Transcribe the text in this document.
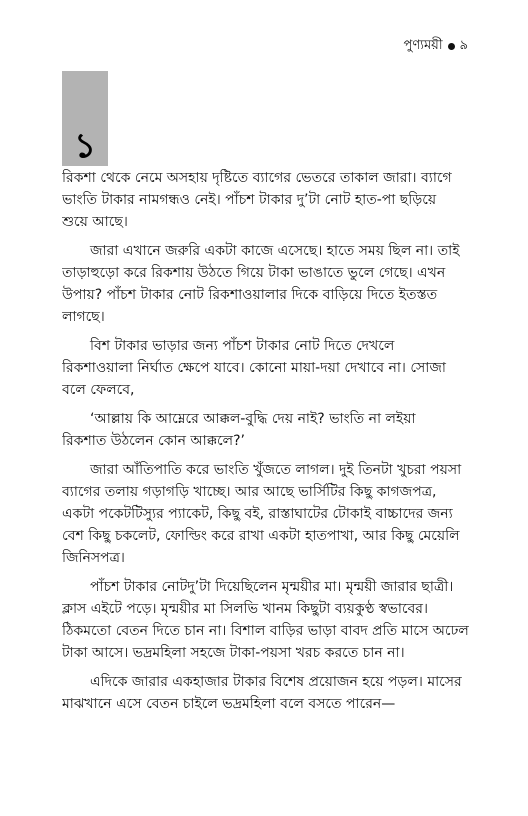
পুণ্যময়ী ৯
১

রিকশা থেকে নেমে অসহায় দৃষ্টিতে ব্যাগের ভেতরে তাকাল জারা। ব্যাগে
ভাংতি টাকার নামগন্ধও নেই। পাঁচশ টাকার দু’টা নোট হাত-পা ছড়িয়ে
শুয়ে আছে।

জারা এখানে জরুরি একটা কাজে এসেছে। হাতে সময় ছিল না। তাই
তাড়াহুড়ো করে রিকশায় উঠতে গিয়ে টাকা ভাঙাতে ভুলে গেছে। এখন
উপায়? পাঁচশ টাকার নোট রিকশাওয়ালার দিকে বাড়িয়ে দিতে ইতস্তত
লাগছে।

বিশ টাকার ভাড়ার জন্য পাঁচশ টাকার নোট দিতে দেখলে
রিকশাওয়ালা নির্ঘাত ক্ষেপে যাবে। কোনো মায়া-দয়া দেখাবে না। সোজা
বলে ফেলবে,

‘আল্লায় কি আম্নেরে আক্কল-বুদ্ধি দেয় নাই? ভাংতি না লইয়া
রিকশাত উঠলেন কোন আক্কলে?’

জারা আঁতিপাতি করে ভাংতি খুঁজতে লাগল। দুই তিনটা খুচরা পয়সা
ব্যাগের তলায় গড়াগড়ি খাচ্ছে। আর আছে ভার্সিটির কিছু কাগজপত্র,
একটা পকেটটিস্যুর প্যাকেট, কিছু বই, রাস্তাঘাটের টোকাই বাচ্চাদের জন্য
বেশ কিছু চকলেট, ফোল্ডিং করে রাখা একটা হাতপাখা, আর কিছু মেয়েলি
জিনিসপত্র।

পাঁচশ টাকার নোটদু’টা দিয়েছিলেন মৃন্ময়ীর মা। মৃন্ময়ী জারার ছাত্রী।
ক্লাস এইটে পড়ে। মৃন্ময়ীর মা সিলভি খানম কিছুটা ব্যয়কুণ্ঠ স্বভাবের।
ঠিকমতো বেতন দিতে চান না। বিশাল বাড়ির ভাড়া বাবদ প্রতি মাসে অঢেল
টাকা আসে। ভদ্রমহিলা সহজে টাকা-পয়সা খরচ করতে চান না।

এদিকে জারার একহাজার টাকার বিশেষ প্রয়োজন হয়ে পড়ল। মাসের
মাঝখানে এসে বেতন চাইলে ভদ্রমহিলা বলে বসতে পারেন—
